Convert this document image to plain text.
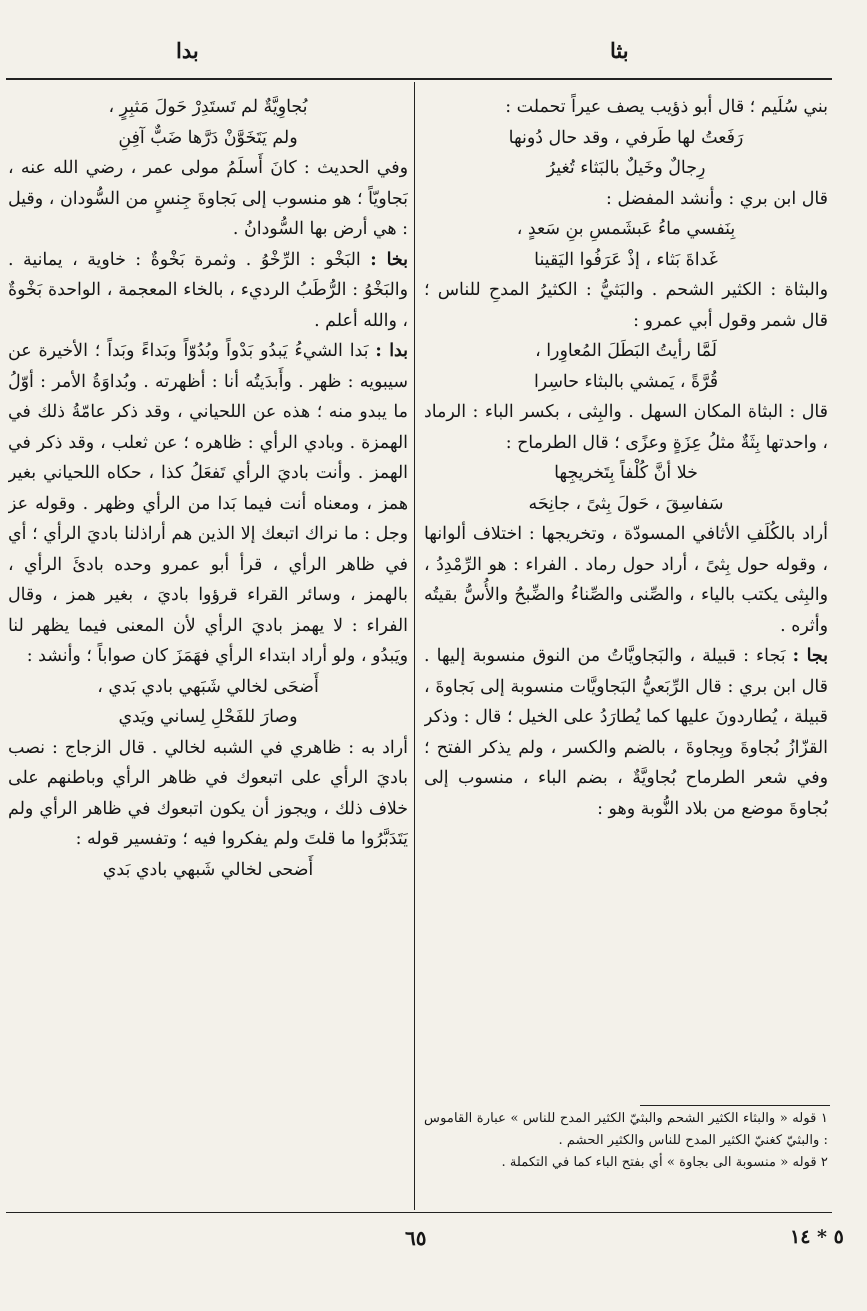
بثا
بدا

بني سُلَيم ؛ قال أبو ذؤيب يصف عيراً تحملت :

رَفَعتُ لها طَرفي ، وقد حال دُونها

رِجالٌ وخَيلٌ بالبَثاء تُغيرُ

قال ابن بري : وأنشد المفضل :

بِنَفسي ماءُ عَبشَمسِ بنِ سَعدٍ ،

غَداةَ بَثاء ، إذْ عَرَفُوا اليَقينا

والبثاة : الكثير الشحم . والبَثيُّ : الكثيرُ المدحِ للناس ؛ قال شمر وقول أبي عمرو :

لَمَّا رأيتُ البَطَلَ المُعاوِرا ،

قُرَّةً ، يَمشي بالبثاء حاسِرا

قال : البثاة المكان السهل . والبِثى ، بكسر الباء : الرماد ، واحدتها بِثَةٌ مثلُ عِزَةٍ وعزًى ؛ قال الطرماح :

خلا أنَّ كُلْفاً بِتَخريجِها

سَفاسِقَ ، حَولَ بِثىً ، جانِحَه

أراد بالكُلَفِ الأثافي المسودّة ، وتخريجها : اختلاف ألوانها ، وقوله حول بِثىً ، أراد حول رماد . الفراء : هو الرِّمْدِدُ ، والبِثى يكتب بالياء ، والصِّنى والصِّناءُ والضِّبحُ والأُسُّ بقيتُه وأثره .

بجا : بَجاء : قبيلة ، والبَجاويَّاتُ من النوق منسوبة إليها . قال ابن بري : قال الرِّبَعيُّ البَجاويَّات منسوبة إلى بَجاوةَ ، قبيلة ، يُطاردونَ عليها كما يُطارَدُ على الخيل ؛ قال : وذكر القزّازُ بُجاوةَ وبِجاوةَ ، بالضم والكسر ، ولم يذكر الفتح ؛ وفي شعر الطرماح بُجاويَّةٌ ، بضم الباء ، منسوب إلى بُجاوةَ موضع من بلاد النُّوبة وهو :

بُجاوِيَّةٌ لم تَستَدِرْ حَولَ مَثبِرٍ ،

ولم يَتَخَوَّنْ دَرَّها ضَبٌّ آفِنِ

وفي الحديث : كانَ أَسلَمُ مولى عمر ، رضي الله عنه ، بَجاويّاً ؛ هو منسوب إلى بَجاوةَ جِنسٍ من السُّودان ، وقيل : هي أرض بها السُّودانُ .

بخا : البَخْو : الرِّخْوُ . وثمرة بَخْوةٌ : خاوية ، يمانية . والبَخْوُ : الرُّطَبُ الرديء ، بالخاء المعجمة ، الواحدة بَخْوةٌ ، والله أعلم .

بدا : بَدا الشيءُ يَبدُو بَدْواً وبُدُوّاً وبَداءً وبَداً ؛ الأخيرة عن سيبويه : ظهر . وأَبدَيتُه أنا : أظهرته . وبُداوَةُ الأمر : أوّلُ ما يبدو منه ؛ هذه عن اللحياني ، وقد ذكر عامّةُ ذلك في الهمزة . وبادي الرأي : ظاهره ؛ عن ثعلب ، وقد ذكر في الهمز . وأنت باديَ الرأي تَفعَلُ كذا ، حكاه اللحياني بغير همز ، ومعناه أنت فيما بَدا من الرأي وظهر . وقوله عز وجل : ما نراك اتبعك إلا الذين هم أراذلنا باديَ الرأي ؛ أي في ظاهر الرأي ، قرأ أبو عمرو وحده بادئَ الرأي ، بالهمز ، وسائر القراء قرؤوا باديَ ، بغير همز ، وقال الفراء : لا يهمز باديَ الرأي لأن المعنى فيما يظهر لنا ويَبدُو ، ولو أراد ابتداء الرأي فهَمَزَ كان صواباً ؛ وأنشد :

أَضحَى لخالي شَبَهي بادي بَدي ،

وصارَ للفَحْلِ لِساني ويَدي

أراد به : ظاهري في الشبه لخالي . قال الزجاج : نصب باديَ الرأي على اتبعوك في ظاهر الرأي وباطنهم على خلاف ذلك ، ويجوز أن يكون اتبعوك في ظاهر الرأي ولم يَتَدَبَّرُوا ما قلتَ ولم يفكروا فيه ؛ وتفسير قوله :

أَضحى لخالي شَبهي بادي بَدي

١ قوله « والبثاء الكثير الشحم والبثيّ الكثير المدح للناس » عبارة القاموس : والبثيّ كغنيّ الكثير المدح للناس والكثير الحشم .

٢ قوله « منسوبة الى بجاوة » أي بفتح الباء كما في التكملة .

٦٥	٥ * ١٤
